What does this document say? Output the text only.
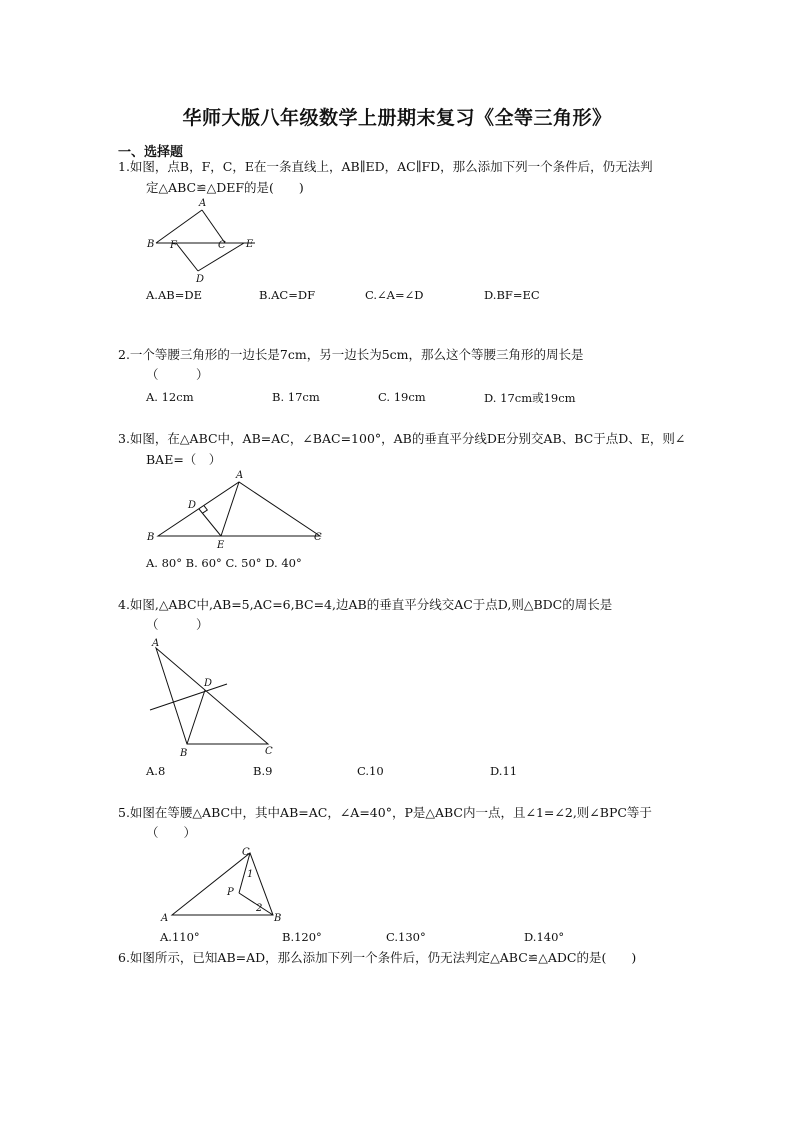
华师大版八年级数学上册期末复习《全等三角形》
一、选择题
1.如图，点B，F，C，E在一条直线上，AB∥ED，AC∥FD，那么添加下列一个条件后，仍无法判
定△ABC≌△DEF的是(　　)
A
B F	C E
D
A.AB=DE	B.AC=DF	C.∠A=∠D	D.BF=EC
2.一个等腰三角形的一边长是7cm，另一边长为5cm，那么这个等腰三角形的周长是
（　　　）
A. 12cm	B. 17cm	C. 19cm	D. 17cm或19cm
3.如图，在△ABC中，AB=AC，∠BAC=100°，AB的垂直平分线DE分别交AB、BC于点D、E，则∠
BAE=（　）
A
D
B
E
C
A. 80° B. 60° C. 50° D. 40°
4.如图,△ABC中,AB=5,AC=6,BC=4,边AB的垂直平分线交AC于点D,则△BDC的周长是
（　　　）
A
D
B	C
A.8	B.9	C.10	D.11
5.如图在等腰△ABC中，其中AB=AC，∠A=40°，P是△ABC内一点，且∠1=∠2,则∠BPC等于
（　　）
C
1
P
2
A	B
A.110°	B.120°	C.130°	D.140°
6.如图所示，已知AB=AD，那么添加下列一个条件后，仍无法判定△ABC≌△ADC的是(　　)
